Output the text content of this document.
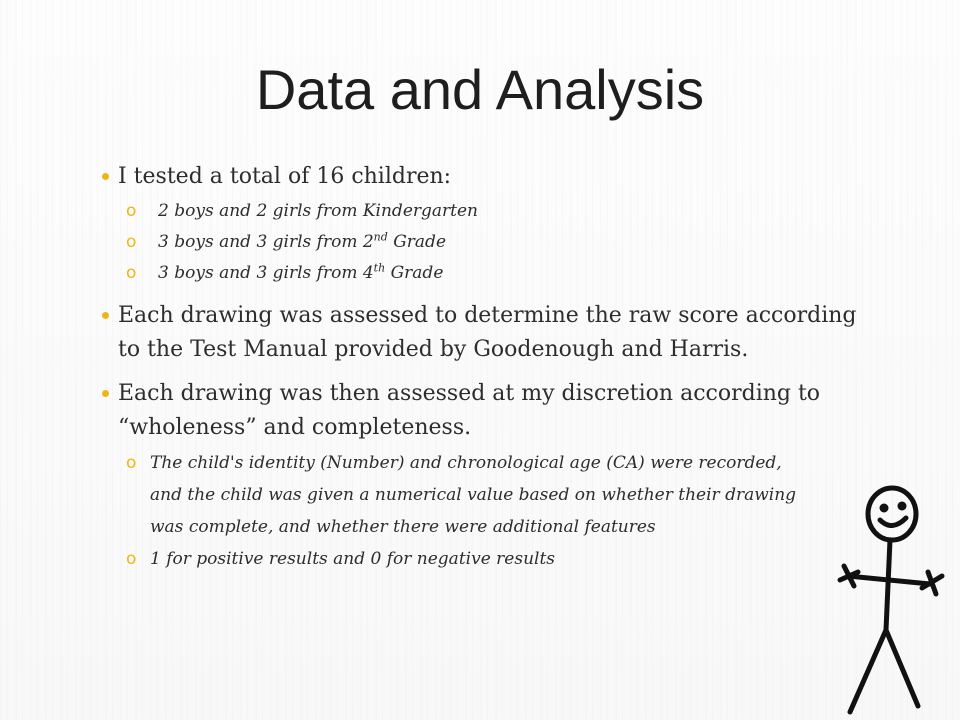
Data and Analysis
I tested a total of 16 children:
o 2 boys and 2 girls from Kindergarten
o 3 boys and 3 girls from 2nd Grade
o 3 boys and 3 girls from 4th Grade
Each drawing was assessed to determine the raw score according to the Test Manual provided by Goodenough and Harris.
Each drawing was then assessed at my discretion according to “wholeness” and completeness.
o The child's identity (Number) and chronological age (CA) were recorded, and the child was given a numerical value based on whether their drawing was complete, and whether there were additional features
o 1 for positive results and 0 for negative results
